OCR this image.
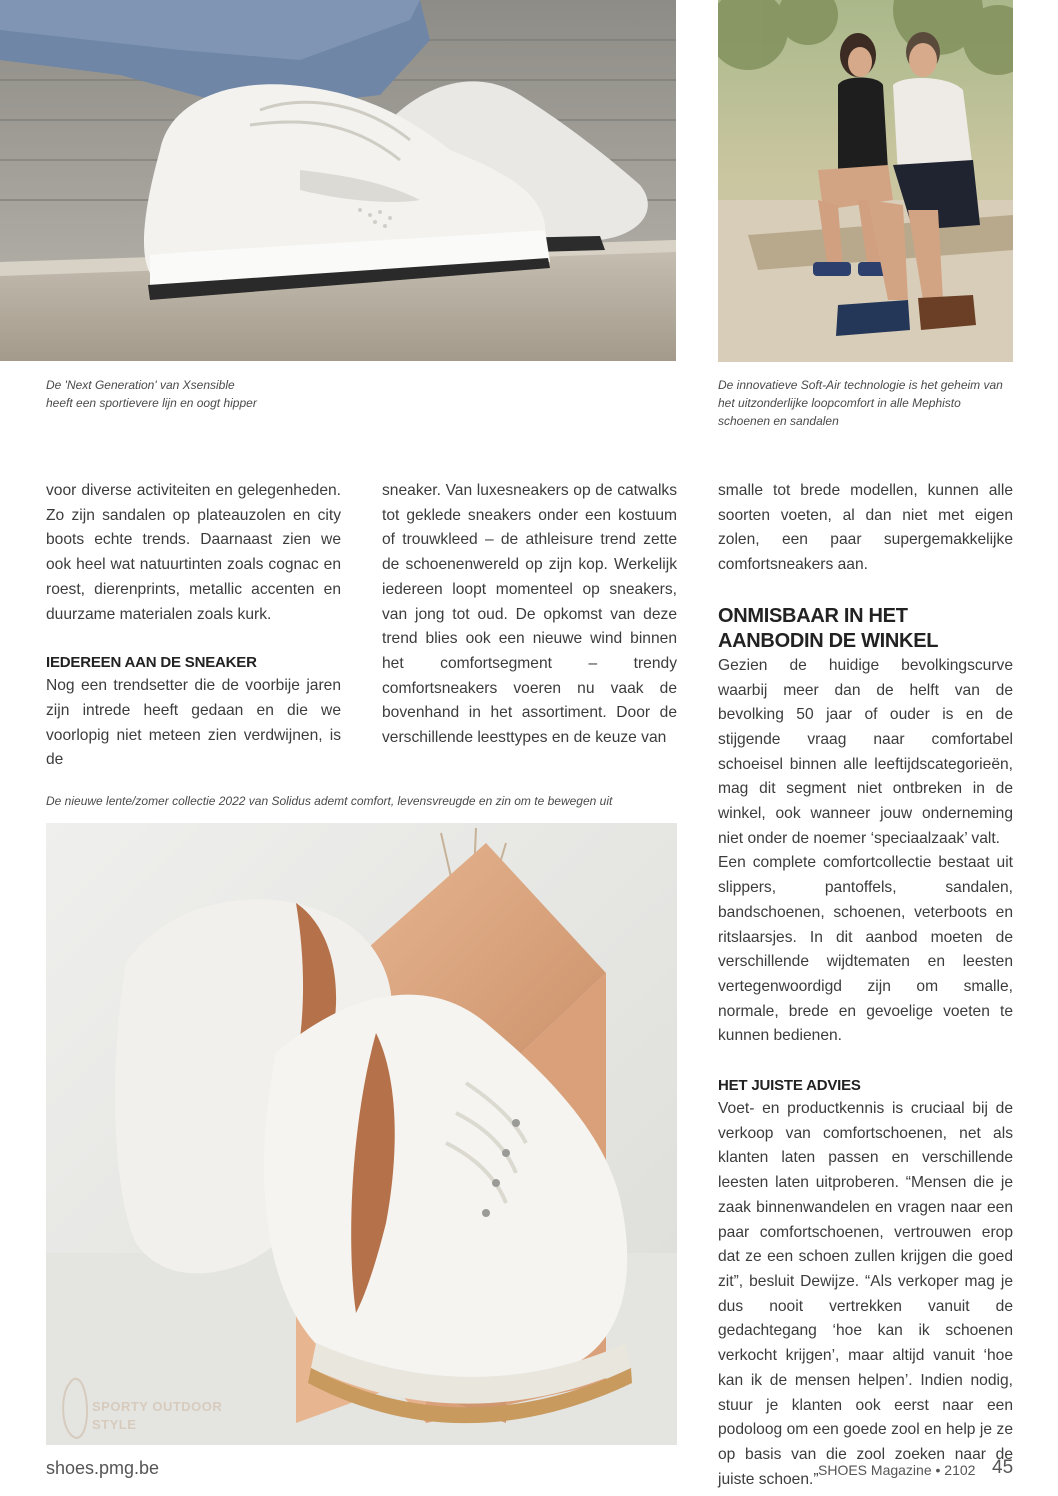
De 'Next Generation' van Xsensible
heeft een sportievere lijn en oogt hipper
De innovatieve Soft-Air technologie is het geheim van
het uitzonderlijke loopcomfort in alle Mephisto
schoenen en sandalen

voor diverse activiteiten en gelegenheden. Zo zijn sandalen op plateauzolen en city boots echte trends. Daarnaast zien we ook heel wat natuurtinten zoals cognac en roest, dierenprints, metallic accenten en duurzame materialen zoals kurk.

IEDEREEN AAN DE SNEAKER

Nog een trendsetter die de voorbije jaren zijn intrede heeft gedaan en die we voorlopig niet meteen zien verdwijnen, is de

sneaker. Van luxesneakers op de catwalks tot geklede sneakers onder een kostuum of trouwkleed – de athleisure trend zette de schoenenwereld op zijn kop. Werkelijk iedereen loopt momenteel op sneakers, van jong tot oud. De opkomst van deze trend blies ook een nieuwe wind binnen het comfortsegment – trendy comfortsneakers voeren nu vaak de bovenhand in het assortiment. Door de verschillende leesttypes en de keuze van

smalle tot brede modellen, kunnen alle soorten voeten, al dan niet met eigen zolen, een paar supergemakkelijke comfortsneakers aan.

ONMISBAAR IN HET AANBODIN DE WINKEL

Gezien de huidige bevolkingscurve waarbij meer dan de helft van de bevolking 50 jaar of ouder is en de stijgende vraag naar comfortabel schoeisel binnen alle leeftijdscategorieën, mag dit segment niet ontbreken in de winkel, ook wanneer jouw onderneming niet onder de noemer ‘speciaalzaak’ valt.

Een complete comfortcollectie bestaat uit slippers, pantoffels, sandalen, bandschoenen, schoenen, veterboots en ritslaarsjes. In dit aanbod moeten de verschillende wijdtematen en leesten vertegenwoordigd zijn om smalle, normale, brede en gevoelige voeten te kunnen bedienen.

HET JUISTE ADVIES

Voet- en productkennis is cruciaal bij de verkoop van comfortschoenen, net als klanten laten passen en verschillende leesten laten uitproberen. “Mensen die je zaak binnenwandelen en vragen naar een paar comfortschoenen, vertrouwen erop dat ze een schoen zullen krijgen die goed zit”, besluit Dewijze. “Als verkoper mag je dus nooit vertrekken vanuit de gedachtegang ‘hoe kan ik schoenen verkocht krijgen’, maar altijd vanuit ‘hoe kan ik de mensen helpen’. Indien nodig, stuur je klanten ook eerst naar een podoloog om een goede zool en help je ze op basis van die zool zoeken naar de juiste schoen.”

De nieuwe lente/zomer collectie 2022 van Solidus ademt comfort, levensvreugde en zin om te bewegen uit
SPORTY OUTDOOR
STYLE
shoes.pmg.be	SHOES Magazine • 2102 45
